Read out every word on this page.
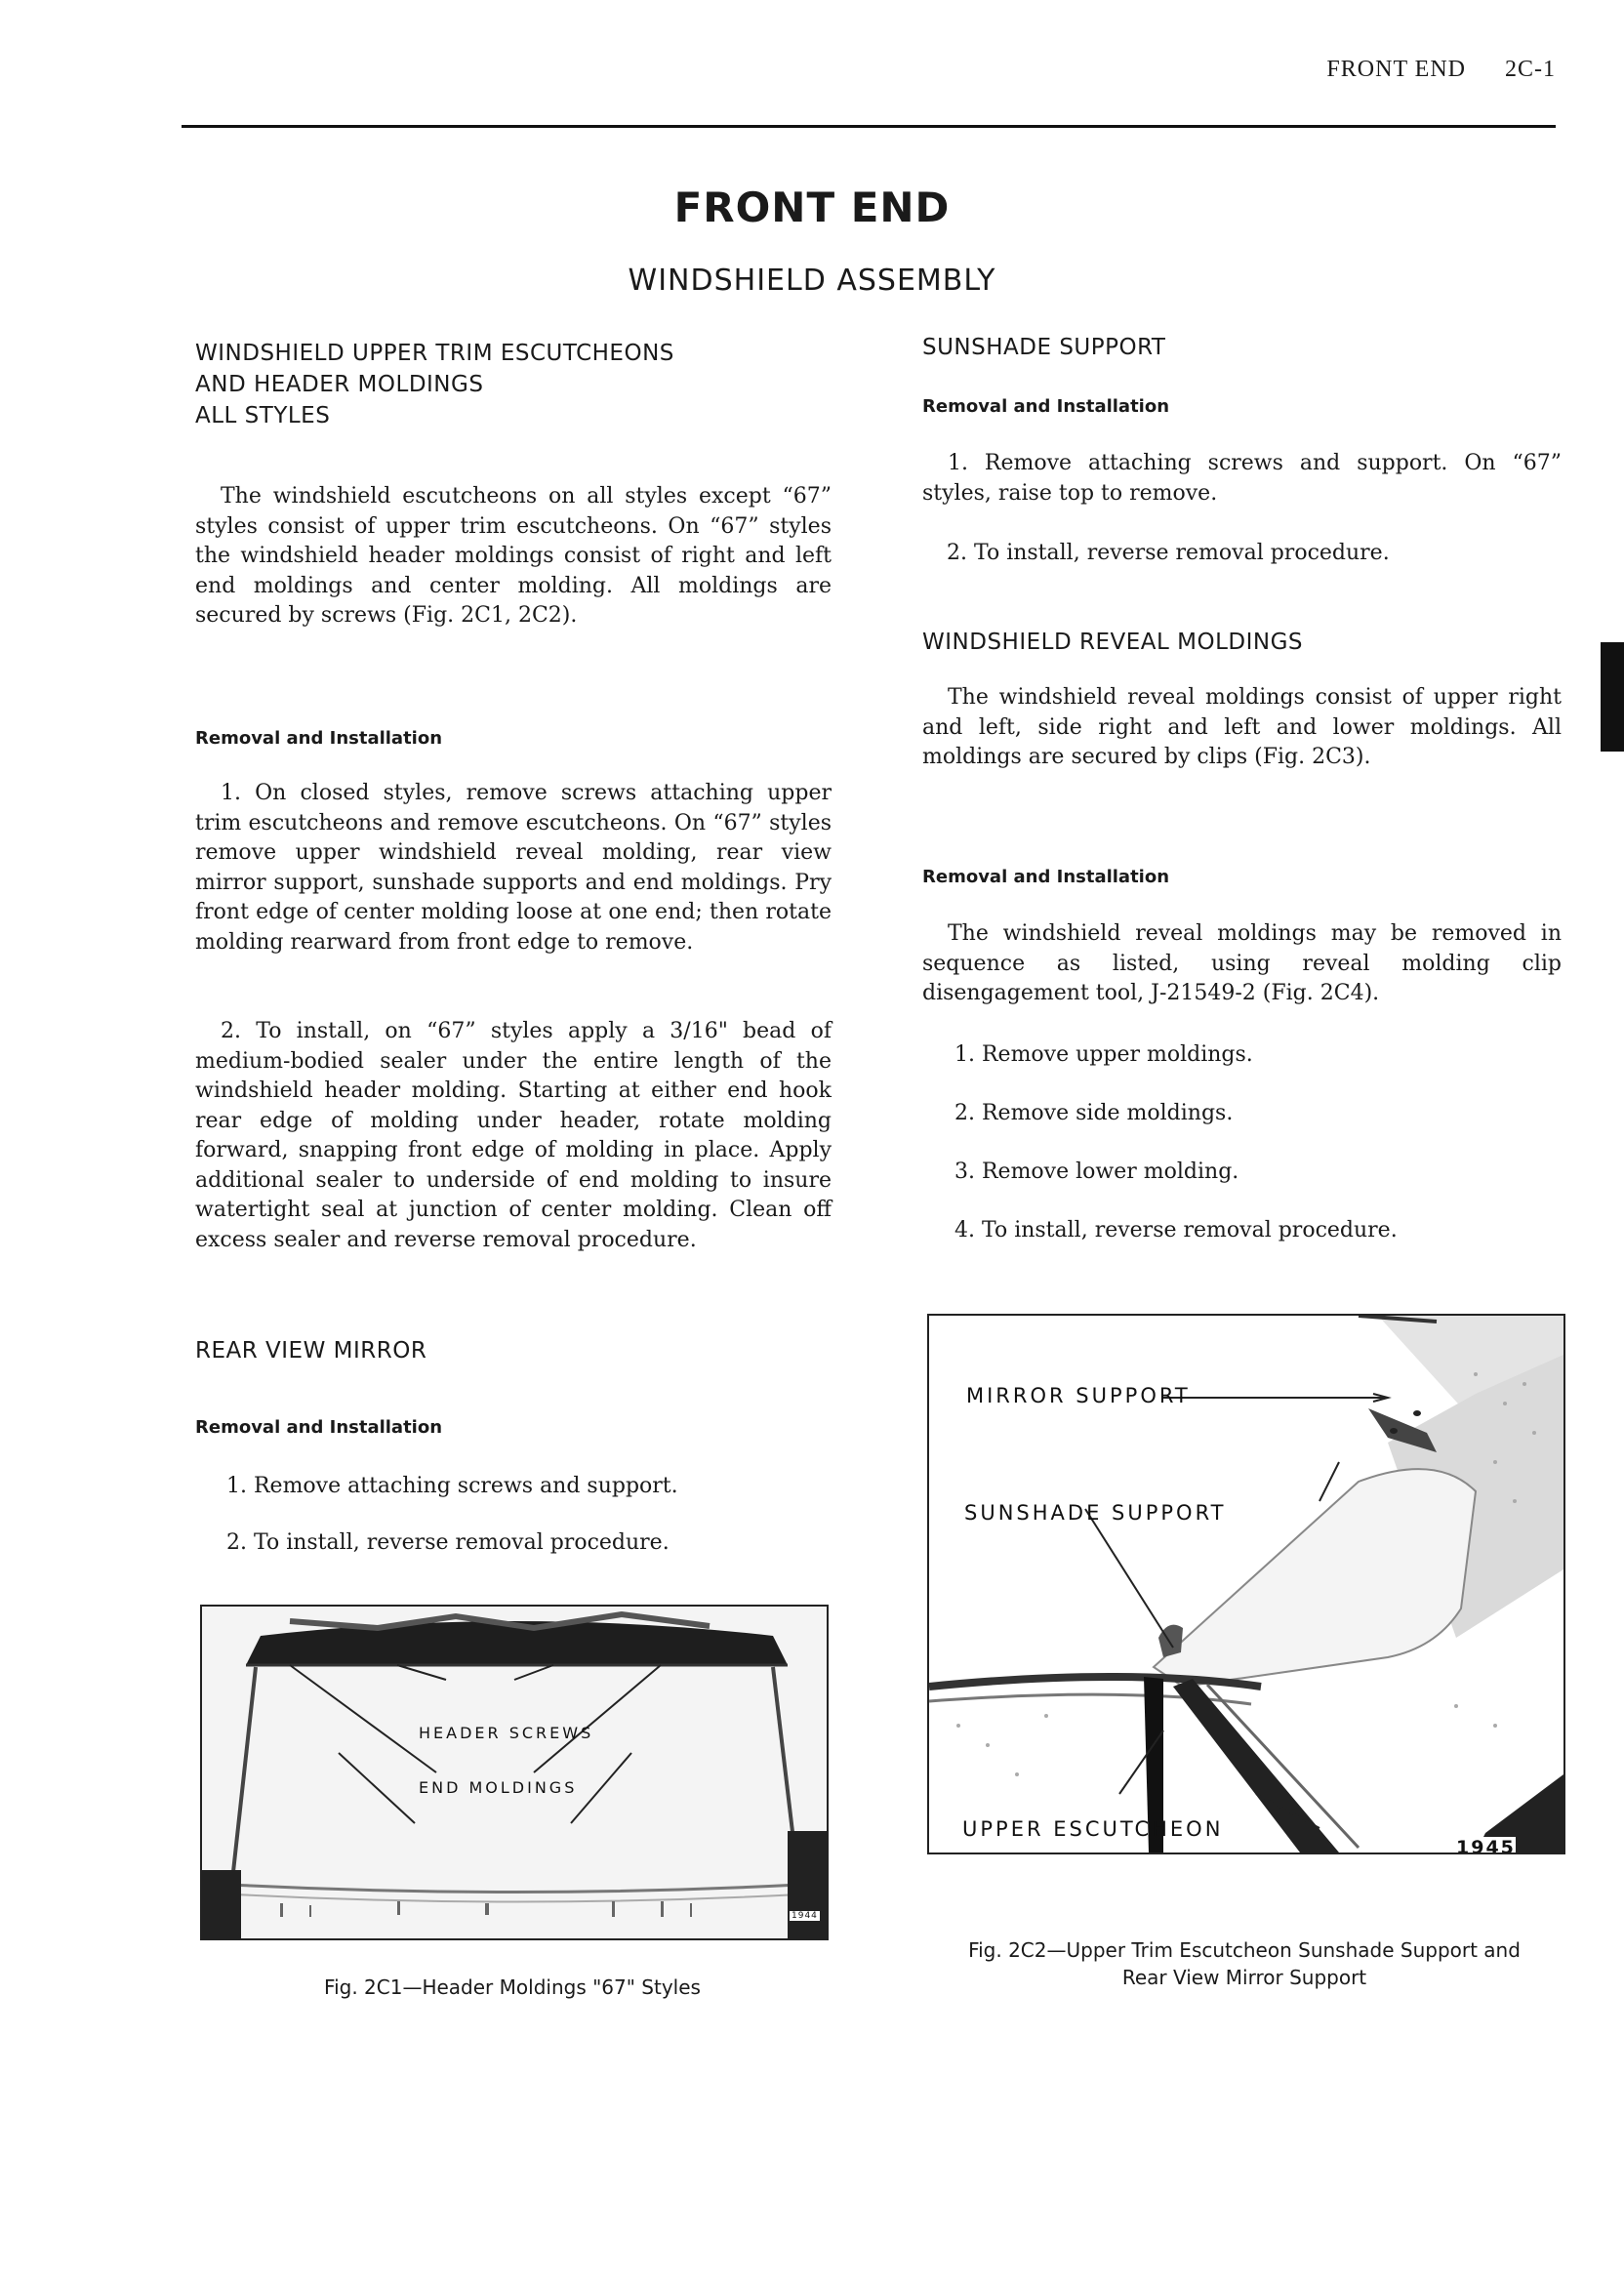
FRONT END 2C-1
FRONT END
WINDSHIELD ASSEMBLY
WINDSHIELD UPPER TRIM ESCUTCHEONS
AND HEADER MOLDINGS
ALL STYLES
The windshield escutcheons on all styles except “67” styles consist of upper trim escutcheons. On “67” styles the windshield header moldings consist of right and left end moldings and center molding. All moldings are secured by screws (Fig. 2C1, 2C2).
Removal and Installation
1. On closed styles, remove screws attaching upper trim escutcheons and remove escutcheons. On “67” styles remove upper windshield reveal molding, rear view mirror support, sunshade supports and end moldings. Pry front edge of center molding loose at one end; then rotate molding rearward from front edge to remove.
2. To install, on “67” styles apply a 3/16" bead of medium-bodied sealer under the entire length of the windshield header molding. Starting at either end hook rear edge of molding under header, rotate molding forward, snapping front edge of molding in place. Apply additional sealer to underside of end molding to insure watertight seal at junction of center molding. Clean off excess sealer and reverse removal procedure.
REAR VIEW MIRROR
Removal and Installation
1. Remove attaching screws and support.
2. To install, reverse removal procedure.
SUNSHADE SUPPORT
Removal and Installation
1. Remove attaching screws and support. On “67” styles, raise top to remove.
2. To install, reverse removal procedure.
WINDSHIELD REVEAL MOLDINGS
The windshield reveal moldings consist of upper right and left, side right and left and lower moldings. All moldings are secured by clips (Fig. 2C3).
Removal and Installation
The windshield reveal moldings may be removed in sequence as listed, using reveal molding clip disengagement tool, J-21549-2 (Fig. 2C4).
1. Remove upper moldings.
2. Remove side moldings.
3. Remove lower molding.
4. To install, reverse removal procedure.
HEADER SCREWS
END MOLDINGS
1944
Fig. 2C1—Header Moldings "67" Styles
MIRROR SUPPORT
SUNSHADE SUPPORT
UPPER ESCUTCHEON
1945
Fig. 2C2—Upper Trim Escutcheon Sunshade Support and
Rear View Mirror Support
